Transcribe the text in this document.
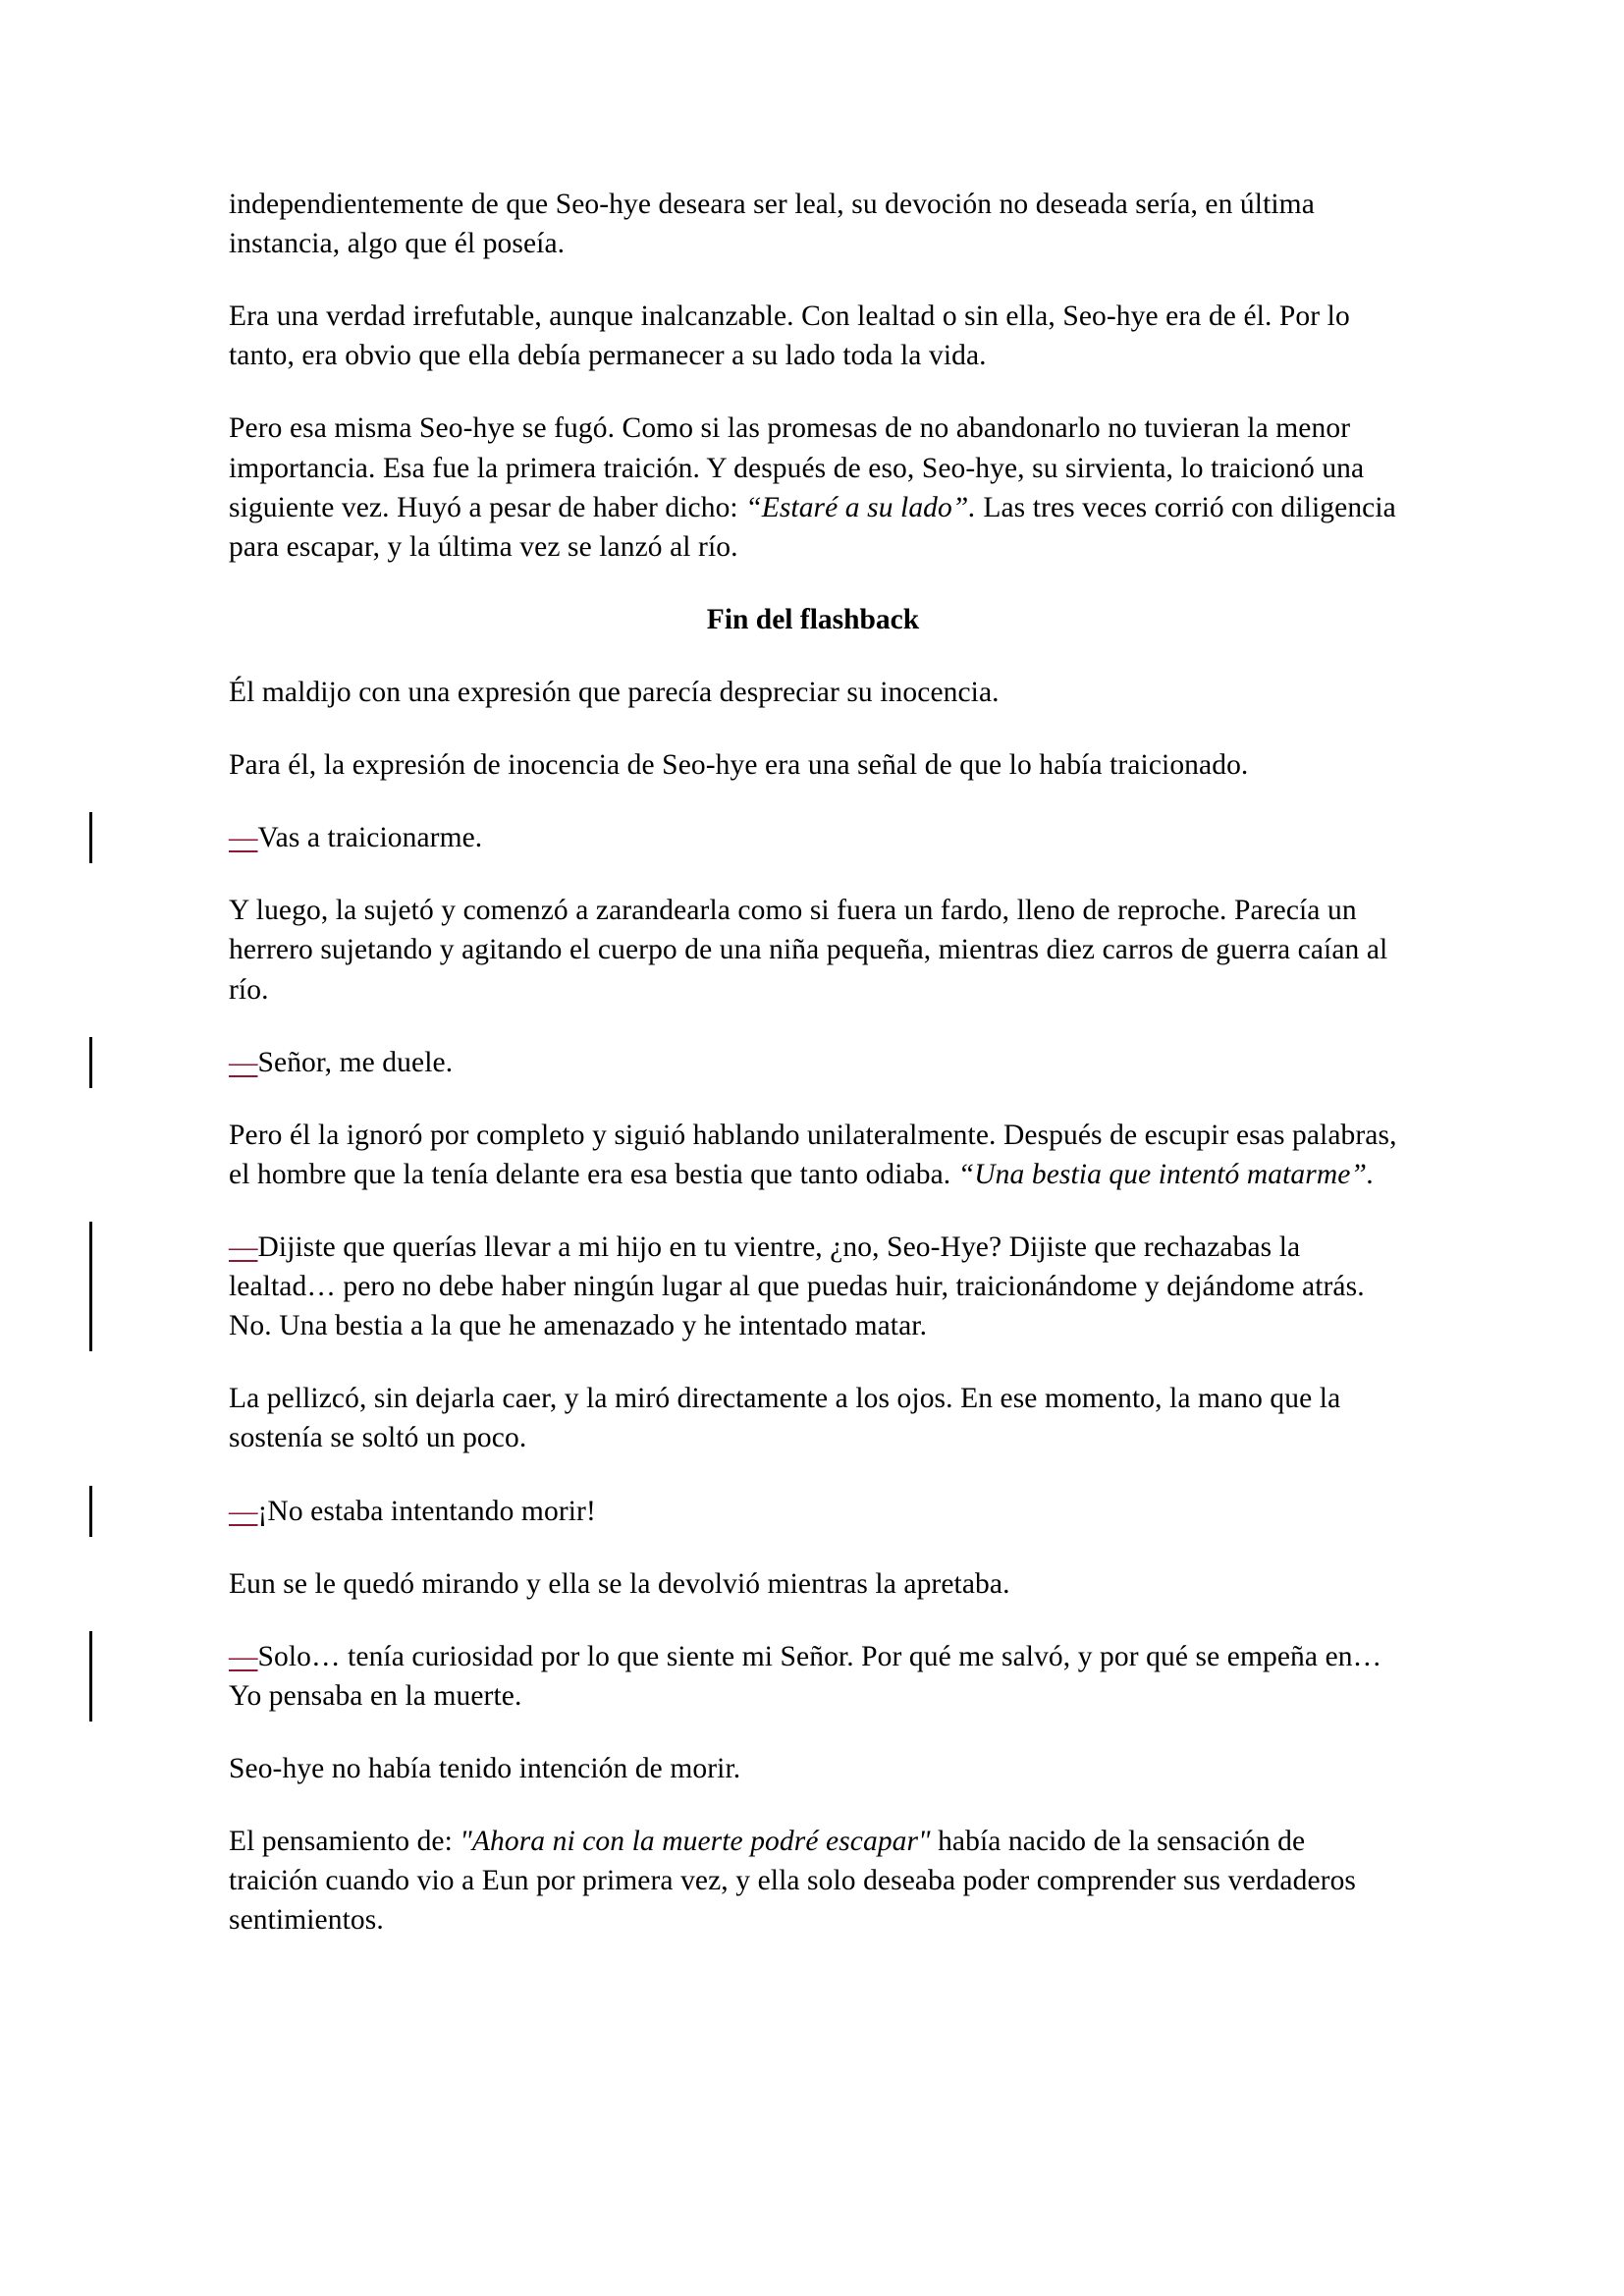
independientemente de que Seo-hye deseara ser leal, su devoción no deseada sería, en última instancia, algo que él poseía.
Era una verdad irrefutable, aunque inalcanzable. Con lealtad o sin ella, Seo-hye era de él. Por lo tanto, era obvio que ella debía permanecer a su lado toda la vida.
Pero esa misma Seo-hye se fugó. Como si las promesas de no abandonarlo no tuvieran la menor importancia. Esa fue la primera traición. Y después de eso, Seo-hye, su sirvienta, lo traicionó una siguiente vez. Huyó a pesar de haber dicho: “Estaré a su lado”. Las tres veces corrió con diligencia para escapar, y la última vez se lanzó al río.
Fin del flashback
Él maldijo con una expresión que parecía despreciar su inocencia.
Para él, la expresión de inocencia de Seo-hye era una señal de que lo había traicionado.
—Vas a traicionarme.
Y luego, la sujetó y comenzó a zarandearla como si fuera un fardo, lleno de reproche. Parecía un herrero sujetando y agitando el cuerpo de una niña pequeña, mientras diez carros de guerra caían al río.
—Señor, me duele.
Pero él la ignoró por completo y siguió hablando unilateralmente. Después de escupir esas palabras, el hombre que la tenía delante era esa bestia que tanto odiaba. “Una bestia que intentó matarme”.
—Dijiste que querías llevar a mi hijo en tu vientre, ¿no, Seo-Hye? Dijiste que rechazabas la lealtad… pero no debe haber ningún lugar al que puedas huir, traicionándome y dejándome atrás. No. Una bestia a la que he amenazado y he intentado matar.
La pellizcó, sin dejarla caer, y la miró directamente a los ojos. En ese momento, la mano que la sostenía se soltó un poco.
—¡No estaba intentando morir!
Eun se le quedó mirando y ella se la devolvió mientras la apretaba.
—Solo… tenía curiosidad por lo que siente mi Señor. Por qué me salvó, y por qué se empeña en… Yo pensaba en la muerte.
Seo-hye no había tenido intención de morir.
El pensamiento de: "Ahora ni con la muerte podré escapar" había nacido de la sensación de traición cuando vio a Eun por primera vez, y ella solo deseaba poder comprender sus verdaderos sentimientos.
